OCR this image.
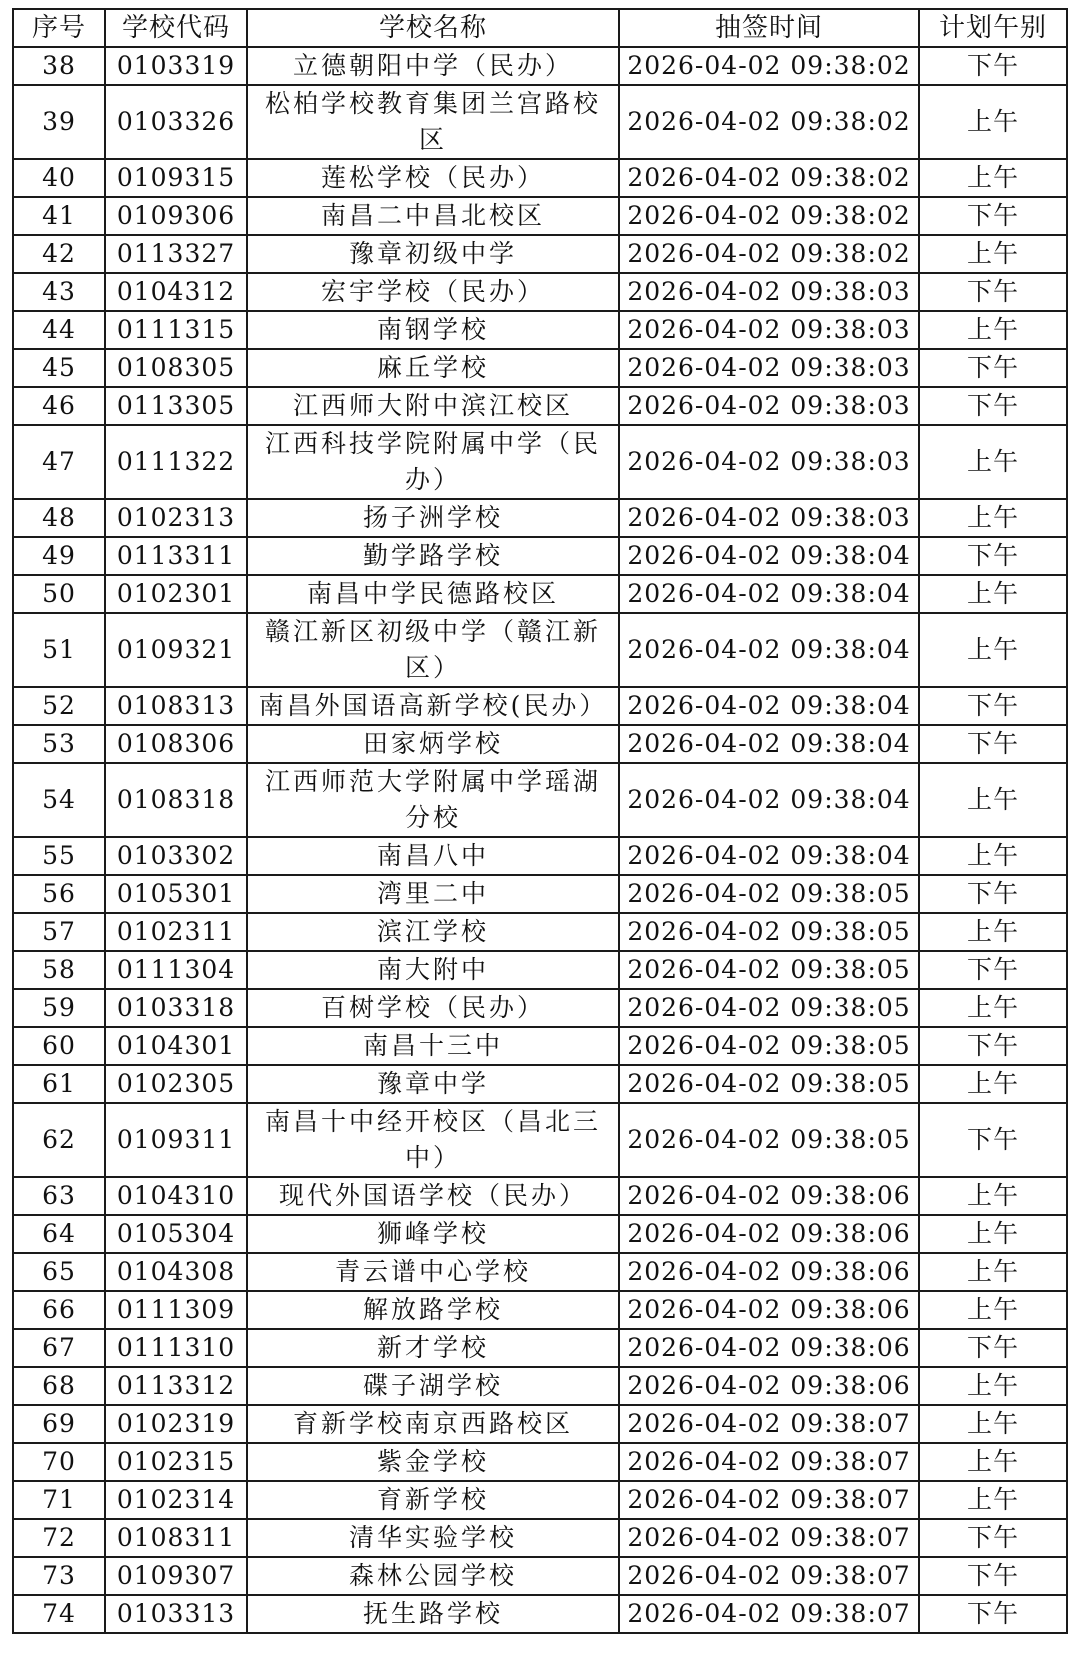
序号	学校代码	学校名称	抽签时间	计划午别
38	0103319	立德朝阳中学（民办）	2026-04-02 09:38:02	下午
39	0103326	松柏学校教育集团兰宫路校区	2026-04-02 09:38:02	上午
40	0109315	莲松学校（民办）	2026-04-02 09:38:02	上午
41	0109306	南昌二中昌北校区	2026-04-02 09:38:02	下午
42	0113327	豫章初级中学	2026-04-02 09:38:02	上午
43	0104312	宏宇学校（民办）	2026-04-02 09:38:03	下午
44	0111315	南钢学校	2026-04-02 09:38:03	上午
45	0108305	麻丘学校	2026-04-02 09:38:03	下午
46	0113305	江西师大附中滨江校区	2026-04-02 09:38:03	下午
47	0111322	江西科技学院附属中学（民办）	2026-04-02 09:38:03	上午
48	0102313	扬子洲学校	2026-04-02 09:38:03	上午
49	0113311	勤学路学校	2026-04-02 09:38:04	下午
50	0102301	南昌中学民德路校区	2026-04-02 09:38:04	上午
51	0109321	赣江新区初级中学（赣江新区）	2026-04-02 09:38:04	上午
52	0108313	南昌外国语高新学校(民办）	2026-04-02 09:38:04	下午
53	0108306	田家炳学校	2026-04-02 09:38:04	下午
54	0108318	江西师范大学附属中学瑶湖分校	2026-04-02 09:38:04	上午
55	0103302	南昌八中	2026-04-02 09:38:04	上午
56	0105301	湾里二中	2026-04-02 09:38:05	下午
57	0102311	滨江学校	2026-04-02 09:38:05	上午
58	0111304	南大附中	2026-04-02 09:38:05	下午
59	0103318	百树学校（民办）	2026-04-02 09:38:05	上午
60	0104301	南昌十三中	2026-04-02 09:38:05	下午
61	0102305	豫章中学	2026-04-02 09:38:05	上午
62	0109311	南昌十中经开校区（昌北三中）	2026-04-02 09:38:05	下午
63	0104310	现代外国语学校（民办）	2026-04-02 09:38:06	上午
64	0105304	狮峰学校	2026-04-02 09:38:06	上午
65	0104308	青云谱中心学校	2026-04-02 09:38:06	上午
66	0111309	解放路学校	2026-04-02 09:38:06	上午
67	0111310	新才学校	2026-04-02 09:38:06	下午
68	0113312	碟子湖学校	2026-04-02 09:38:06	上午
69	0102319	育新学校南京西路校区	2026-04-02 09:38:07	上午
70	0102315	紫金学校	2026-04-02 09:38:07	上午
71	0102314	育新学校	2026-04-02 09:38:07	上午
72	0108311	清华实验学校	2026-04-02 09:38:07	下午
73	0109307	森林公园学校	2026-04-02 09:38:07	下午
74	0103313	抚生路学校	2026-04-02 09:38:07	下午
